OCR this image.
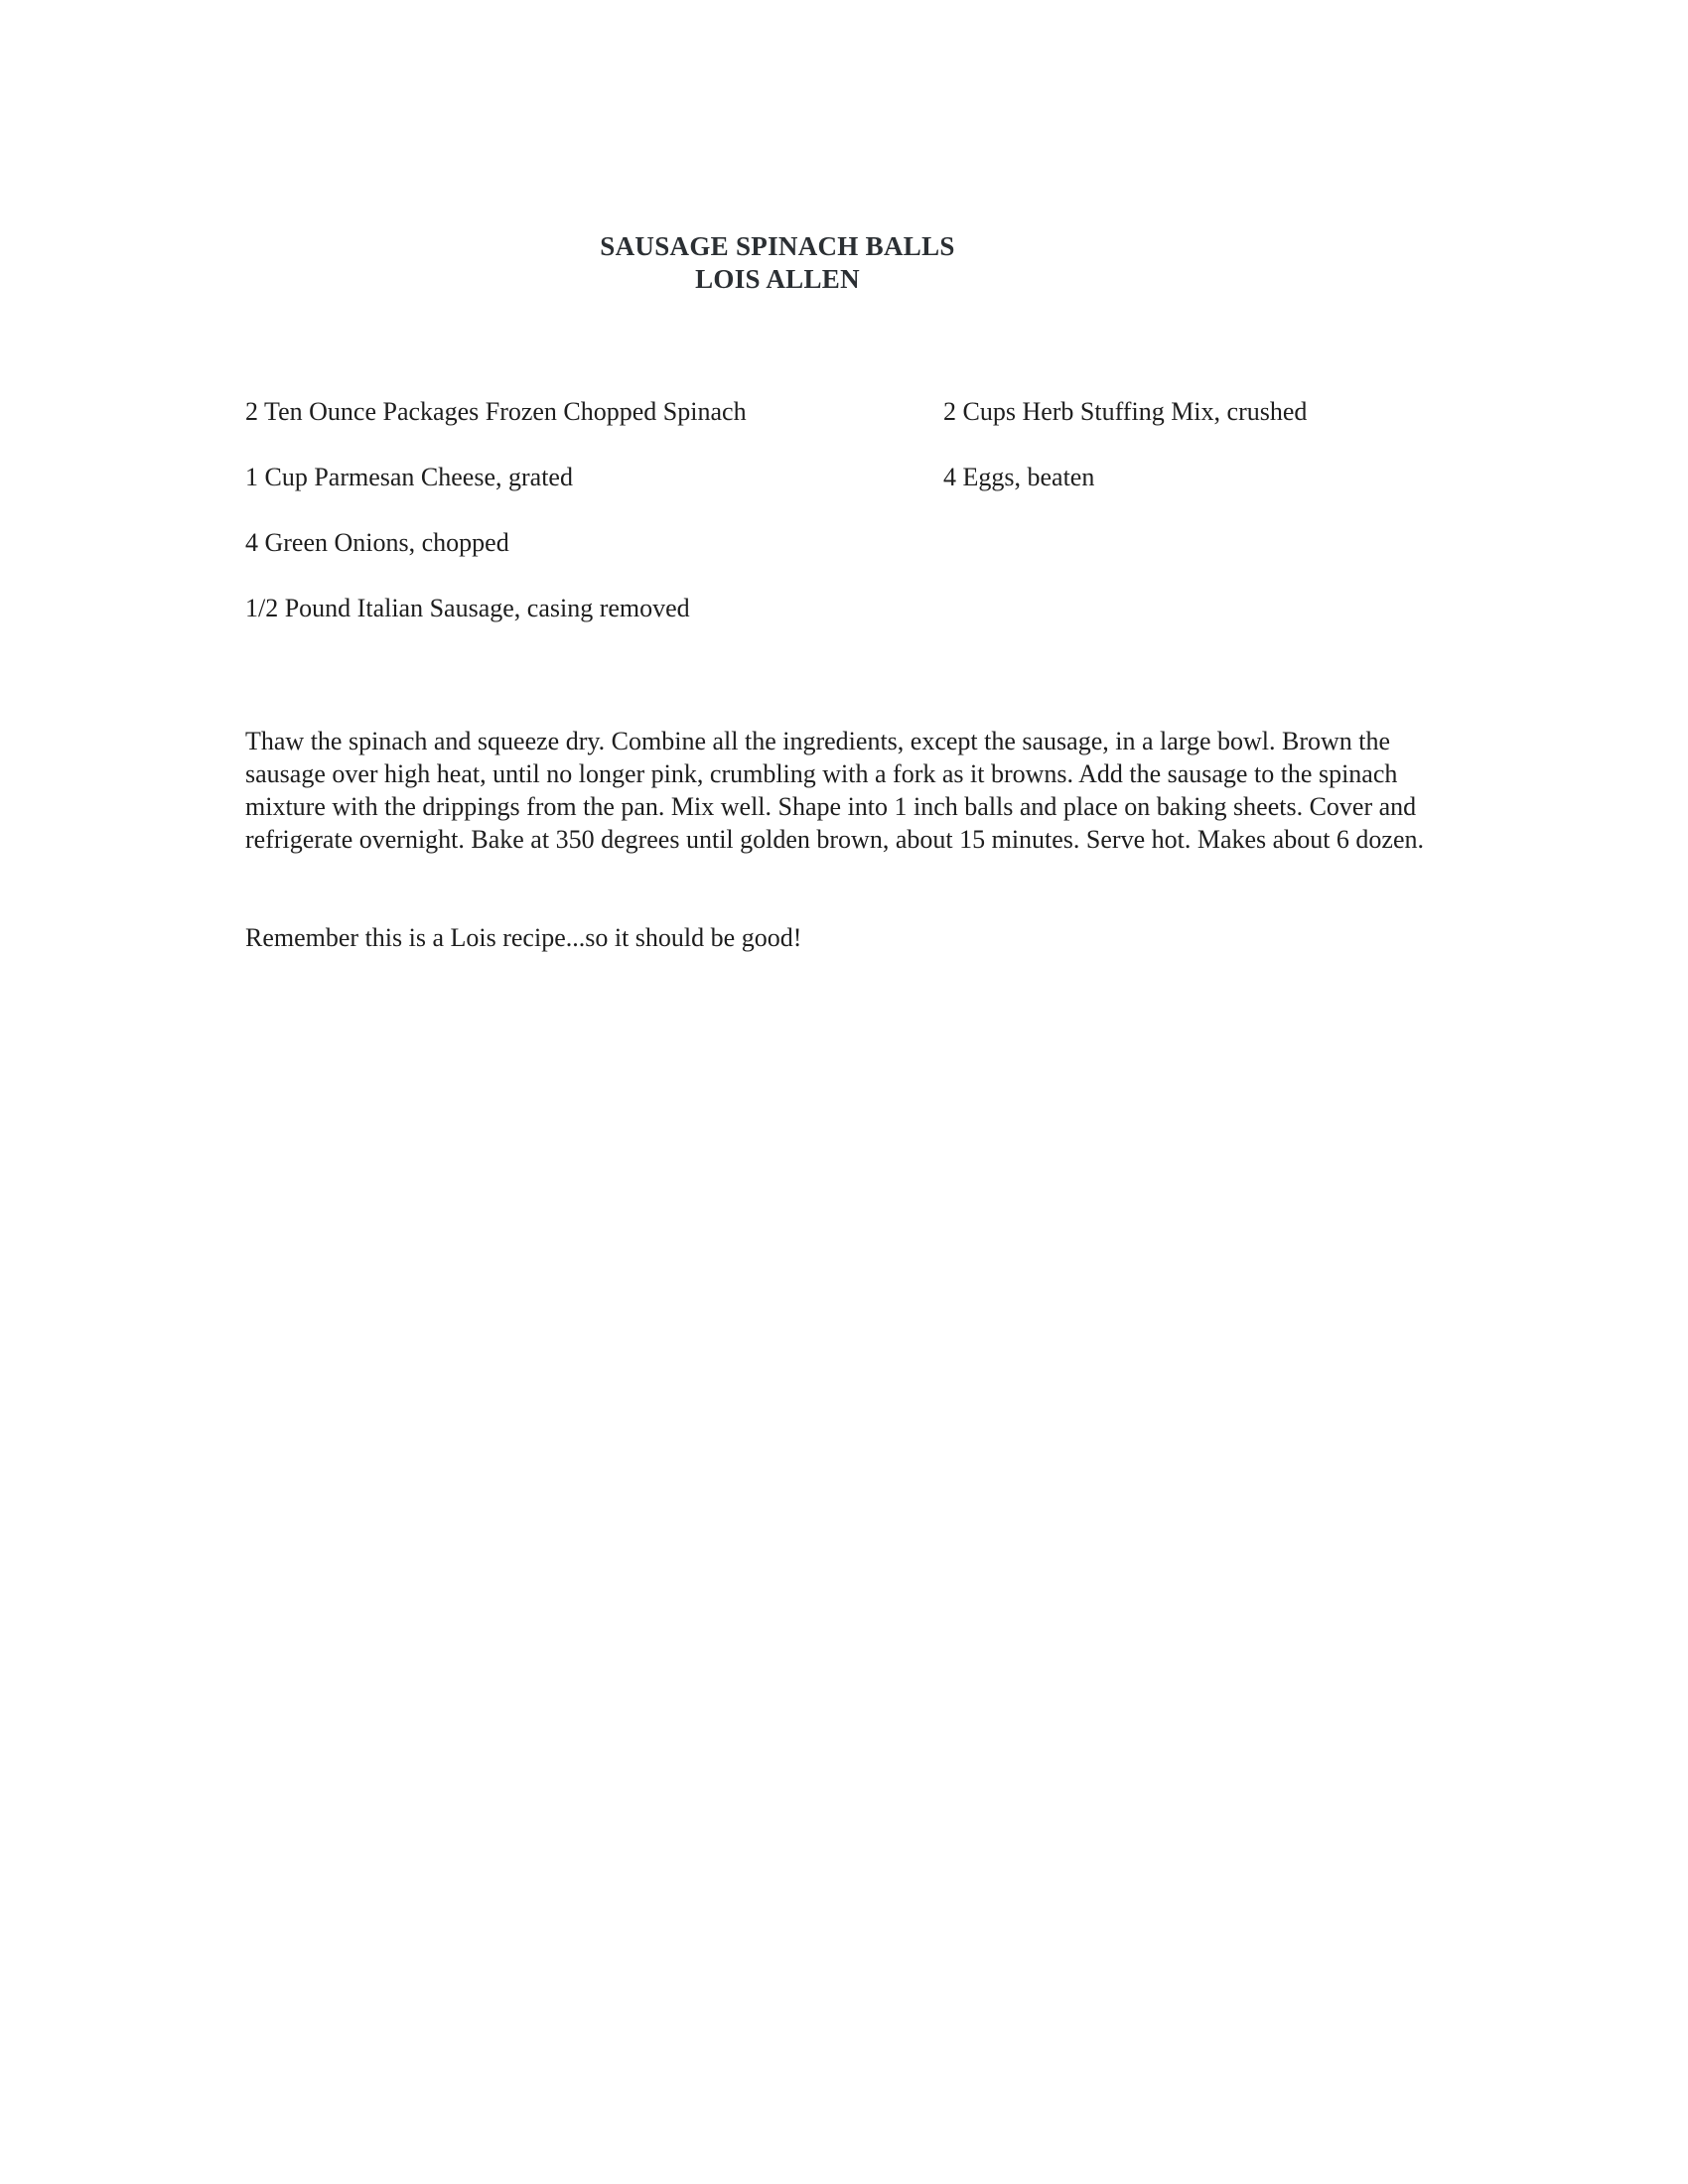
SAUSAGE SPINACH BALLS
LOIS ALLEN
2 Ten Ounce Packages Frozen Chopped Spinach
1 Cup Parmesan Cheese, grated
4 Green Onions, chopped
1/2 Pound Italian Sausage, casing removed
2 Cups Herb Stuffing Mix, crushed
4 Eggs, beaten

Thaw the spinach and squeeze dry. Combine all the ingredients, except the sausage, in a large bowl. Brown the sausage over high heat, until no longer pink, crumbling with a fork as it browns. Add the sausage to the spinach mixture with the drippings from the pan. Mix well. Shape into 1 inch balls and place on baking sheets. Cover and refrigerate overnight. Bake at 350 degrees until golden brown, about 15 minutes. Serve hot. Makes about 6 dozen.

Remember this is a Lois recipe...so it should be good!
